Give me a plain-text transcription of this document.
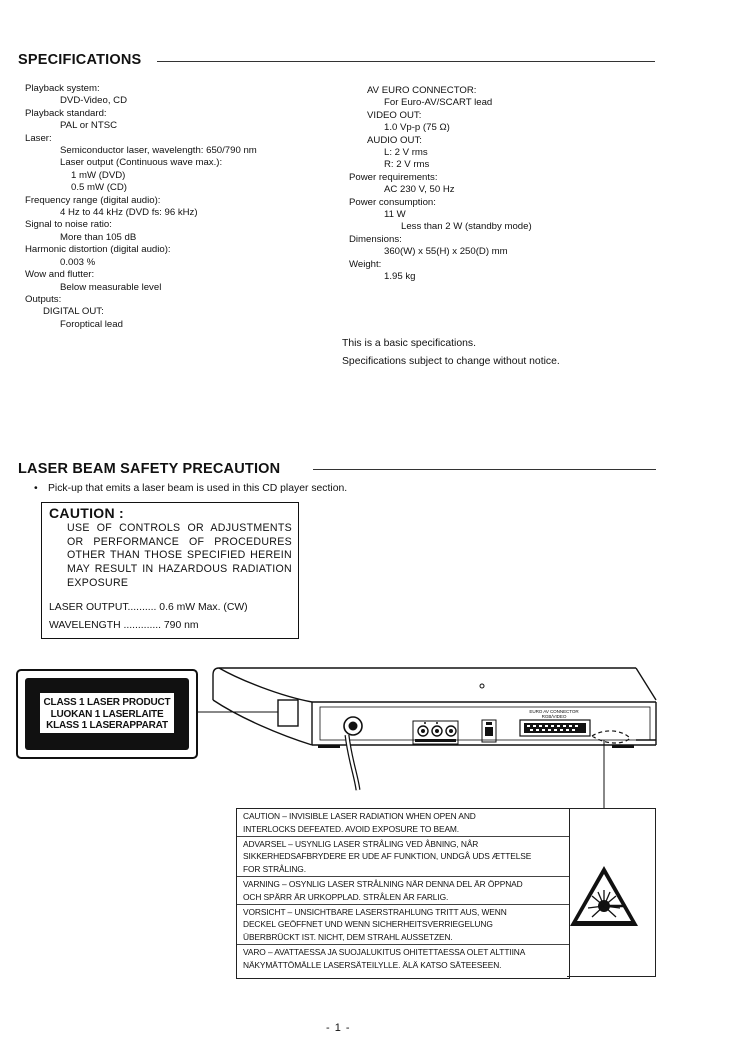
SPECIFICATIONS
Playback system:
DVD-Video, CD
Playback standard:
PAL or NTSC
Laser:
Semiconductor laser, wavelength: 650/790 nm
Laser output (Continuous wave max.):
1 mW (DVD)
0.5 mW (CD)
Frequency range (digital audio):
4 Hz to 44 kHz (DVD fs: 96 kHz)
Signal to noise ratio:
More than 105 dB
Harmonic distortion (digital audio):
0.003 %
Wow and flutter:
Below measurable level
Outputs:
DIGITAL OUT:
Foroptical lead
AV EURO CONNECTOR:
For Euro-AV/SCART lead
VIDEO OUT:
1.0 Vp-p (75 Ω)
AUDIO OUT:
L: 2 V rms
R: 2 V rms
Power requirements:
AC 230 V, 50 Hz
Power consumption:
11 W
Less than 2 W (standby mode)
Dimensions:
360(W) x 55(H) x 250(D) mm
Weight:
1.95 kg
This is a basic specifications.
Specifications subject to change without notice.
LASER BEAM SAFETY PRECAUTION
• Pick-up that emits a laser beam is used in this CD player section.
CAUTION :
USE OF CONTROLS OR ADJUSTMENTS
OR PERFORMANCE OF PROCEDURES
OTHER THAN THOSE SPECIFIED HEREIN
MAY RESULT IN HAZARDOUS RADIATION
EXPOSURE
LASER OUTPUT.......... 0.6 mW Max. (CW)
WAVELENGTH ............. 790 nm
EURO AV CONNECTOR
RGB/VIDEO
CLASS 1 LASER PRODUCT
LUOKAN 1 LASERLAITE
KLASS 1 LASERAPPARAT
CAUTION – INVISIBLE LASER RADIATION WHEN OPEN AND
INTERLOCKS DEFEATED. AVOID EXPOSURE TO BEAM.
ADVARSEL – USYNLIG LASER STRÅLING VED ÅBNING, NÅR
SIKKERHEDSAFBRYDERE ER UDE AF FUNKTION, UNDGÅ UDS ÆTTELSE
FOR STRÅLING.
VARNING – OSYNLIG LASER STRÅLNING NÄR DENNA DEL ÄR ÖPPNAD
OCH SPÄRR ÄR URKOPPLAD. STRÅLEN ÄR FARLIG.
VORSICHT – UNSICHTBARE LASERSTRAHLUNG TRITT AUS, WENN
DECKEL GEÖFFNET UND WENN SICHERHEITSVERRIEGELUNG
ÜBERBRÜCKT IST. NICHT, DEM STRAHL AUSSETZEN.
VARO – AVATTAESSA JA SUOJALUKITUS OHITETTAESSA OLET ALTTIINA
NÄKYMÄTTÖMÄLLE LASERSÄTEILYLLE. ÄLÄ KATSO SÄTEESEEN.
- 1 -
